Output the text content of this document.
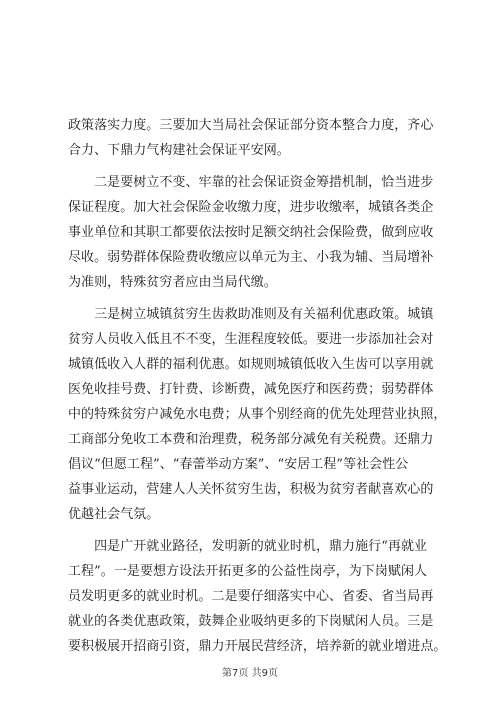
政策落实力度。三要加大当局社会保证部分资本整合力度，齐心
合力、下鼎力气构建社会保证平安网。
　　二是要树立不变、牢靠的社会保证资金筹措机制，恰当进步
保证程度。加大社会保险金收缴力度，进步收缴率，城镇各类企
事业单位和其职工都要依法按时足额交纳社会保险费，做到应收
尽收。弱势群体保险费收缴应以单元为主、小我为辅、当局增补
为准则，特殊贫穷者应由当局代缴。
　　三是树立城镇贫穷生齿救助准则及有关福利优惠政策。城镇
贫穷人员收入低且不不变，生涯程度较低。要进一步添加社会对
城镇低收入人群的福利优惠。如规则城镇低收入生齿可以享用就
医免收挂号费、打针费、诊断费，减免医疗和医药费；弱势群体
中的特殊贫穷户减免水电费；从事个别经商的优先处理营业执照，
工商部分免收工本费和治理费，税务部分减免有关税费。还鼎力
倡议“但愿工程”、“春蕾举动方案”、“安居工程”等社会性公
益事业运动，营建人人关怀贫穷生齿，积极为贫穷者献喜欢心的
优越社会气氛。
　　四是广开就业路径，发明新的就业时机，鼎力施行“再就业
工程”。一是要想方设法开拓更多的公益性岗亭，为下岗赋闲人
员发明更多的就业时机。二是要仔细落实中心、省委、省当局再
就业的各类优惠政策，鼓舞企业吸纳更多的下岗赋闲人员。三是
要积极展开招商引资，鼎力开展民营经济，培养新的就业增进点。
第7页 共9页
